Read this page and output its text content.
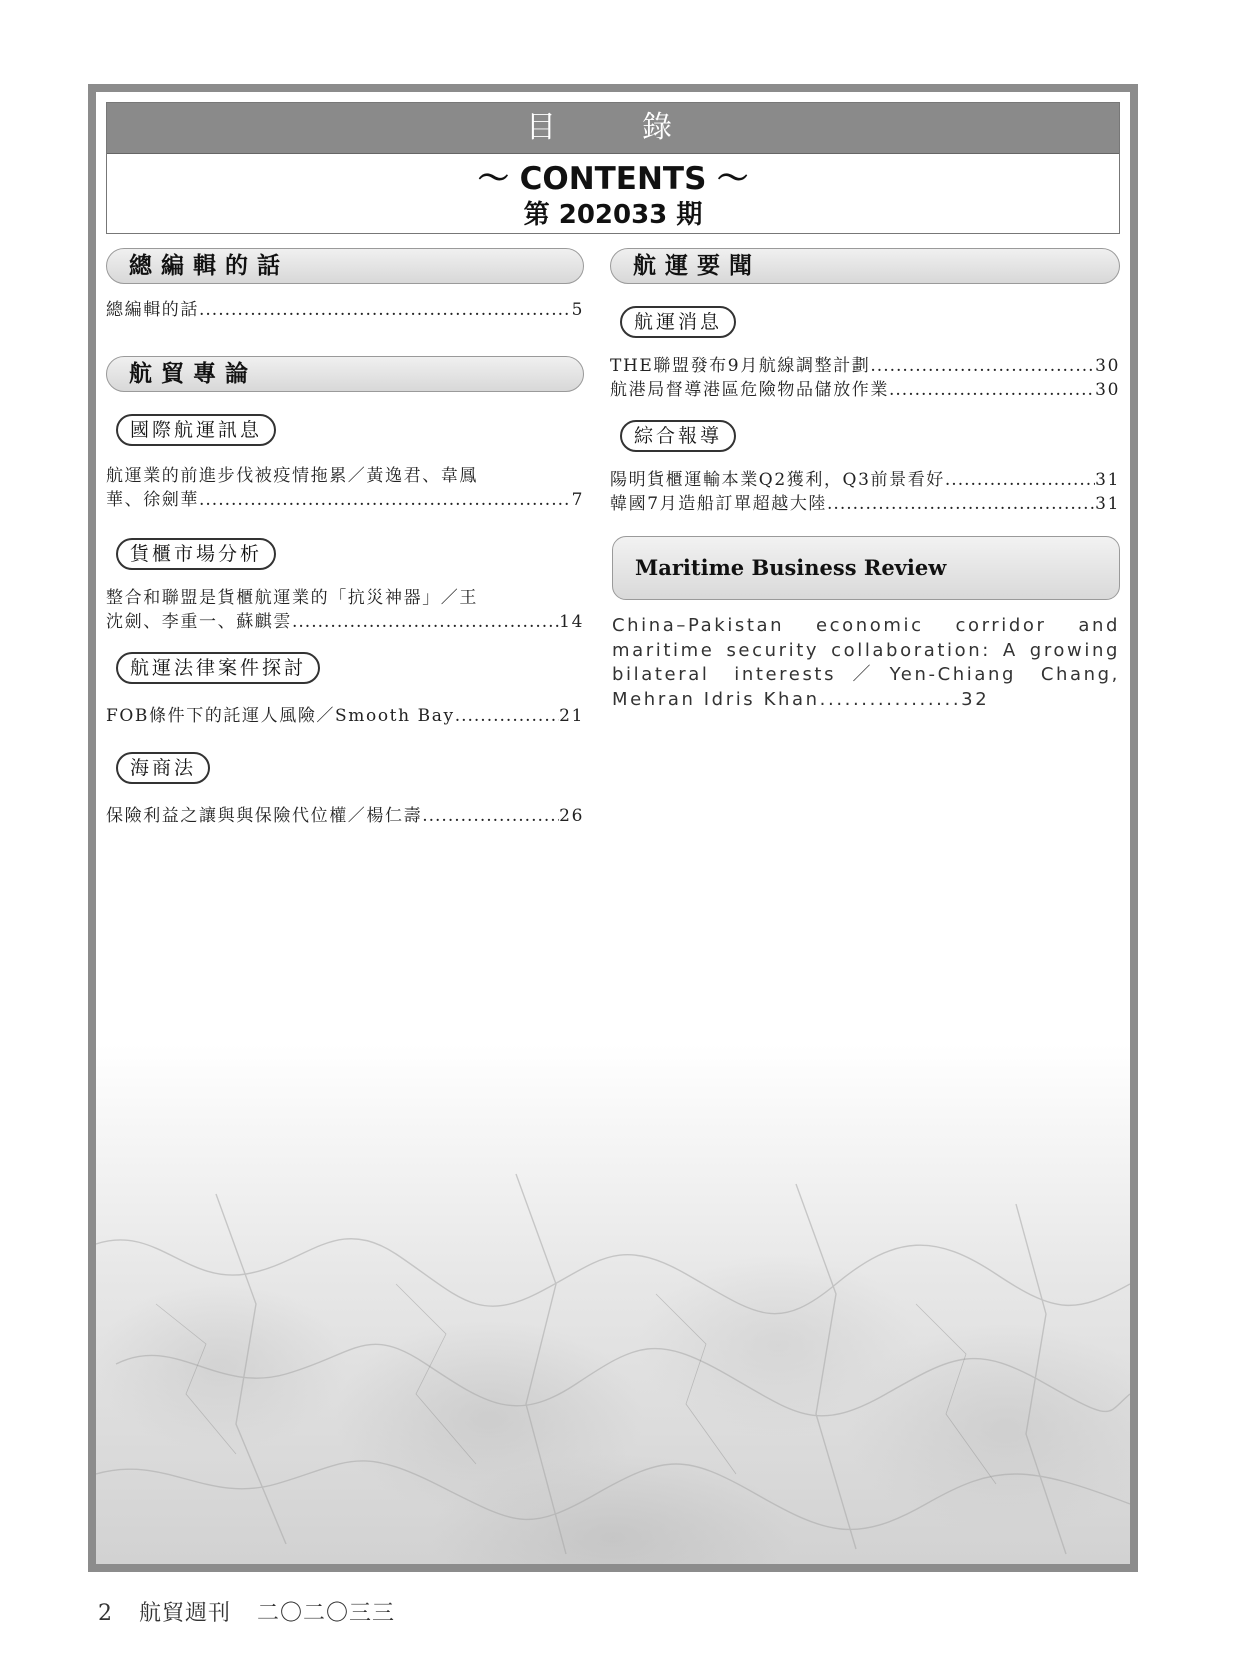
目　錄
～ CONTENTS ～
第 202033 期
總編輯的話
總編輯的話 .....	5
航貿專論
國際航運訊息
航運業的前進步伐被疫情拖累／黃逸君、韋鳳
華、徐劍華 .....	7
貨櫃市場分析
整合和聯盟是貨櫃航運業的「抗災神器」／王
沈劍、李重一、蘇麒雲 .....	14
航運法律案件探討
FOB條件下的託運人風險／Smooth Bay .....	21
海商法
保險利益之讓與與保險代位權／楊仁壽 .....	26
航運要聞
航運消息
THE聯盟發布9月航線調整計劃 .....	30
航港局督導港區危險物品儲放作業 .....	30
綜合報導
陽明貨櫃運輸本業Q2獲利，Q3前景看好 .....	31
韓國7月造船訂單超越大陸 .....	31
Maritime Business Review
China–Pakistan economic corridor and maritime security collaboration: A growing bilateral interests／Yen-Chiang Chang, Mehran Idris Khan.................32
2 航貿週刊 二〇二〇三三
